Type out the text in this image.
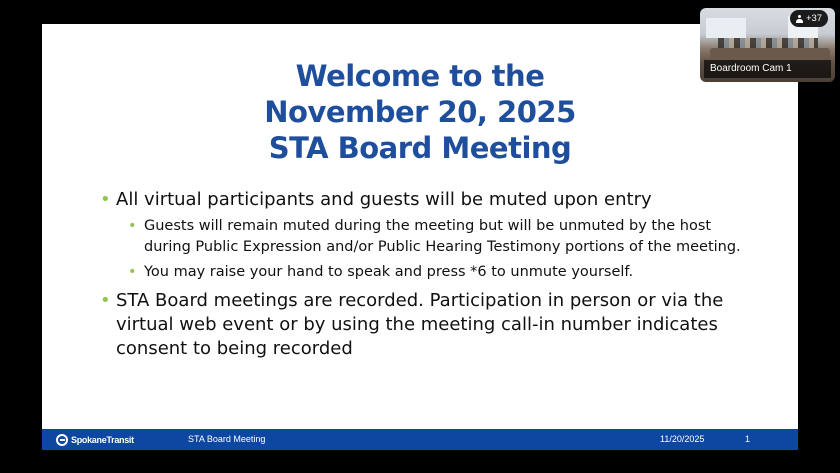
Welcome to the
November 20, 2025
STA Board Meeting
• All virtual participants and guests will be muted upon entry
• Guests will remain muted during the meeting but will be unmuted by the host during Public Expression and/or Public Hearing Testimony portions of the meeting.
• You may raise your hand to speak and press *6 to unmute yourself.
• STA Board meetings are recorded. Participation in person or via the virtual web event or by using the meeting call-in number indicates consent to being recorded
SpokaneTransit	STA Board Meeting	11/20/2025	1
Boardroom Cam 1
+37
